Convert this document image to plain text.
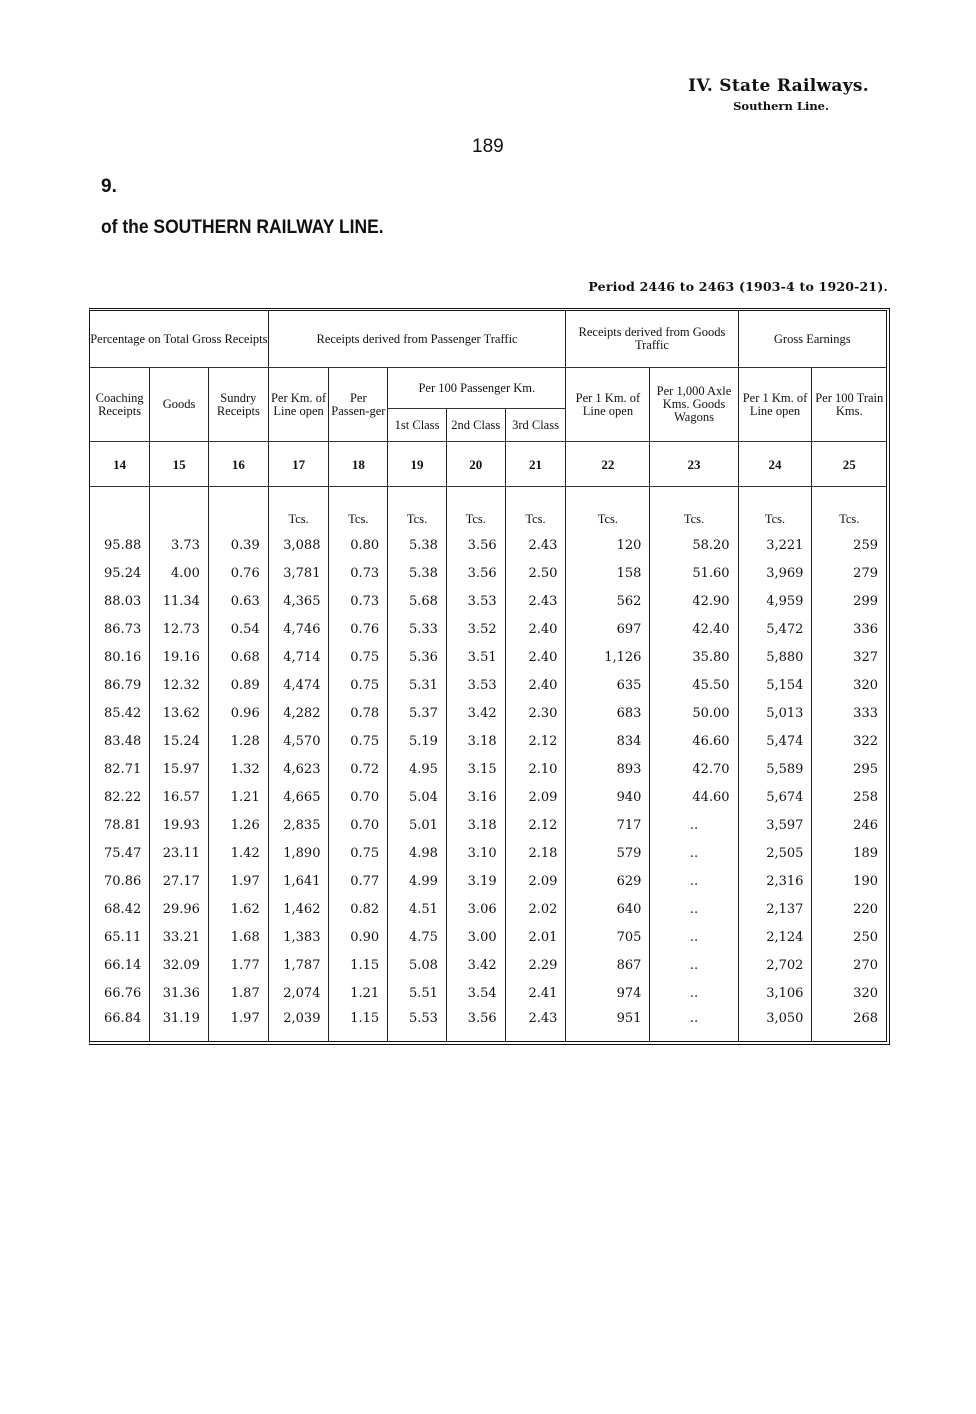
IV. State Railways.
Southern Line.
189
9.
of the SOUTHERN RAILWAY LINE.
Period 2446 to 2463 (1903-4 to 1920-21).
Percentage on Total Gross Receipts			Receipts derived from Passenger Traffic					Receipts derived from Goods Traffic		Gross Earnings	
Coaching Receipts	Goods	Sundry Receipts	Per Km. of Line open	Per Passen-ger	Per 100 Passenger Km.			Per 1 Km. of Line open	Per 1,000 Axle Kms. Goods Wagons	Per 1 Km. of Line open	Per 100 Train Kms.
					1st Class	2nd Class	3rd Class				
14	15	16	17	18	19	20	21	22	23	24	25
			Tcs.	Tcs.	Tcs.	Tcs.	Tcs.	Tcs.	Tcs.	Tcs.	Tcs.
95.88	3.73	0.39	3,088	0.80	5.38	3.56	2.43	120	58.20	3,221	259
95.24	4.00	0.76	3,781	0.73	5.38	3.56	2.50	158	51.60	3,969	279
88.03	11.34	0.63	4,365	0.73	5.68	3.53	2.43	562	42.90	4,959	299
86.73	12.73	0.54	4,746	0.76	5.33	3.52	2.40	697	42.40	5,472	336
80.16	19.16	0.68	4,714	0.75	5.36	3.51	2.40	1,126	35.80	5,880	327
86.79	12.32	0.89	4,474	0.75	5.31	3.53	2.40	635	45.50	5,154	320
85.42	13.62	0.96	4,282	0.78	5.37	3.42	2.30	683	50.00	5,013	333
83.48	15.24	1.28	4,570	0.75	5.19	3.18	2.12	834	46.60	5,474	322
82.71	15.97	1.32	4,623	0.72	4.95	3.15	2.10	893	42.70	5,589	295
82.22	16.57	1.21	4,665	0.70	5.04	3.16	2.09	940	44.60	5,674	258
78.81	19.93	1.26	2,835	0.70	5.01	3.18	2.12	717	..	3,597	246
75.47	23.11	1.42	1,890	0.75	4.98	3.10	2.18	579	..	2,505	189
70.86	27.17	1.97	1,641	0.77	4.99	3.19	2.09	629	..	2,316	190
68.42	29.96	1.62	1,462	0.82	4.51	3.06	2.02	640	..	2,137	220
65.11	33.21	1.68	1,383	0.90	4.75	3.00	2.01	705	..	2,124	250
66.14	32.09	1.77	1,787	1.15	5.08	3.42	2.29	867	..	2,702	270
66.76	31.36	1.87	2,074	1.21	5.51	3.54	2.41	974	..	3,106	320
66.84	31.19	1.97	2,039	1.15	5.53	3.56	2.43	951	..	3,050	268
